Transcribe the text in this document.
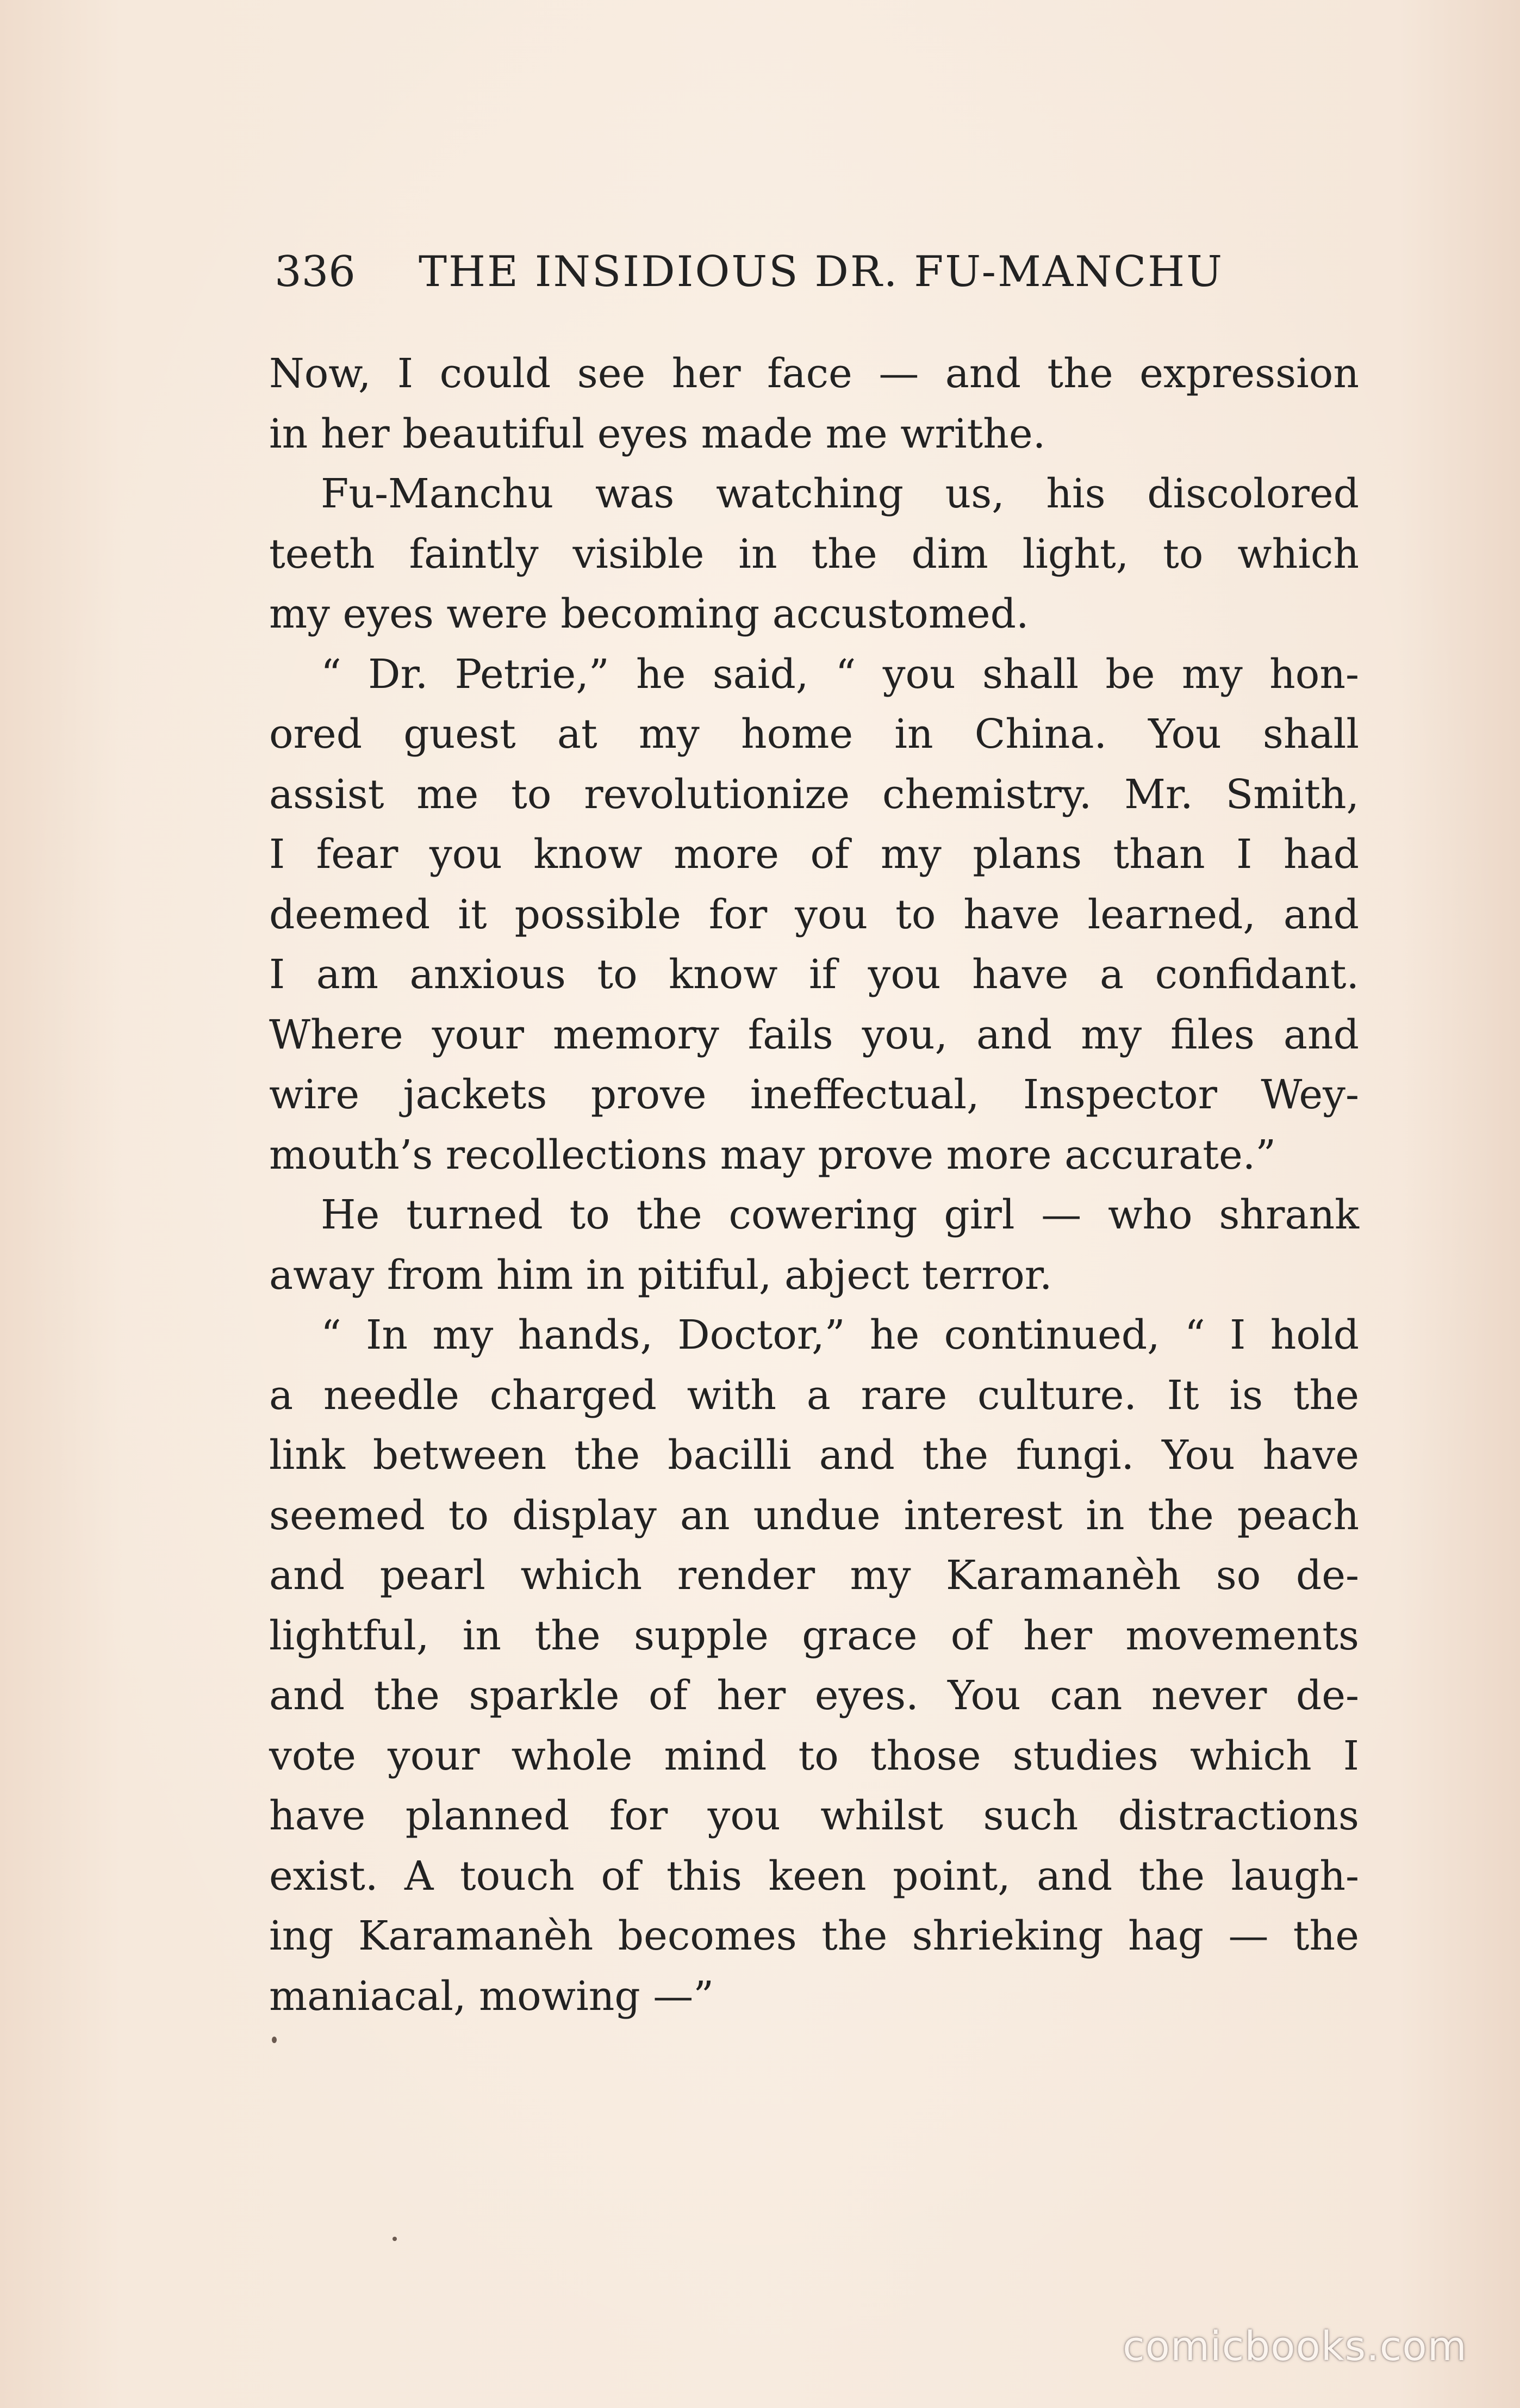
336 THE INSIDIOUS DR. FU-MANCHU
Now, I could see her face — and the expression
in her beautiful eyes made me writhe.
Fu-Manchu was watching us, his discolored
teeth faintly visible in the dim light, to which
my eyes were becoming accustomed.
“ Dr. Petrie,” he said, “ you shall be my hon-
ored guest at my home in China. You shall
assist me to revolutionize chemistry. Mr. Smith,
I fear you know more of my plans than I had
deemed it possible for you to have learned, and
I am anxious to know if you have a confidant.
Where your memory fails you, and my files and
wire jackets prove ineffectual, Inspector Wey-
mouth’s recollections may prove more accurate.”
He turned to the cowering girl — who shrank
away from him in pitiful, abject terror.
“ In my hands, Doctor,” he continued, “ I hold
a needle charged with a rare culture. It is the
link between the bacilli and the fungi. You have
seemed to display an undue interest in the peach
and pearl which render my Karamanèh so de-
lightful, in the supple grace of her movements
and the sparkle of her eyes. You can never de-
vote your whole mind to those studies which I
have planned for you whilst such distractions
exist. A touch of this keen point, and the laugh-
ing Karamanèh becomes the shrieking hag — the
maniacal, mowing —”
comicbooks.com
